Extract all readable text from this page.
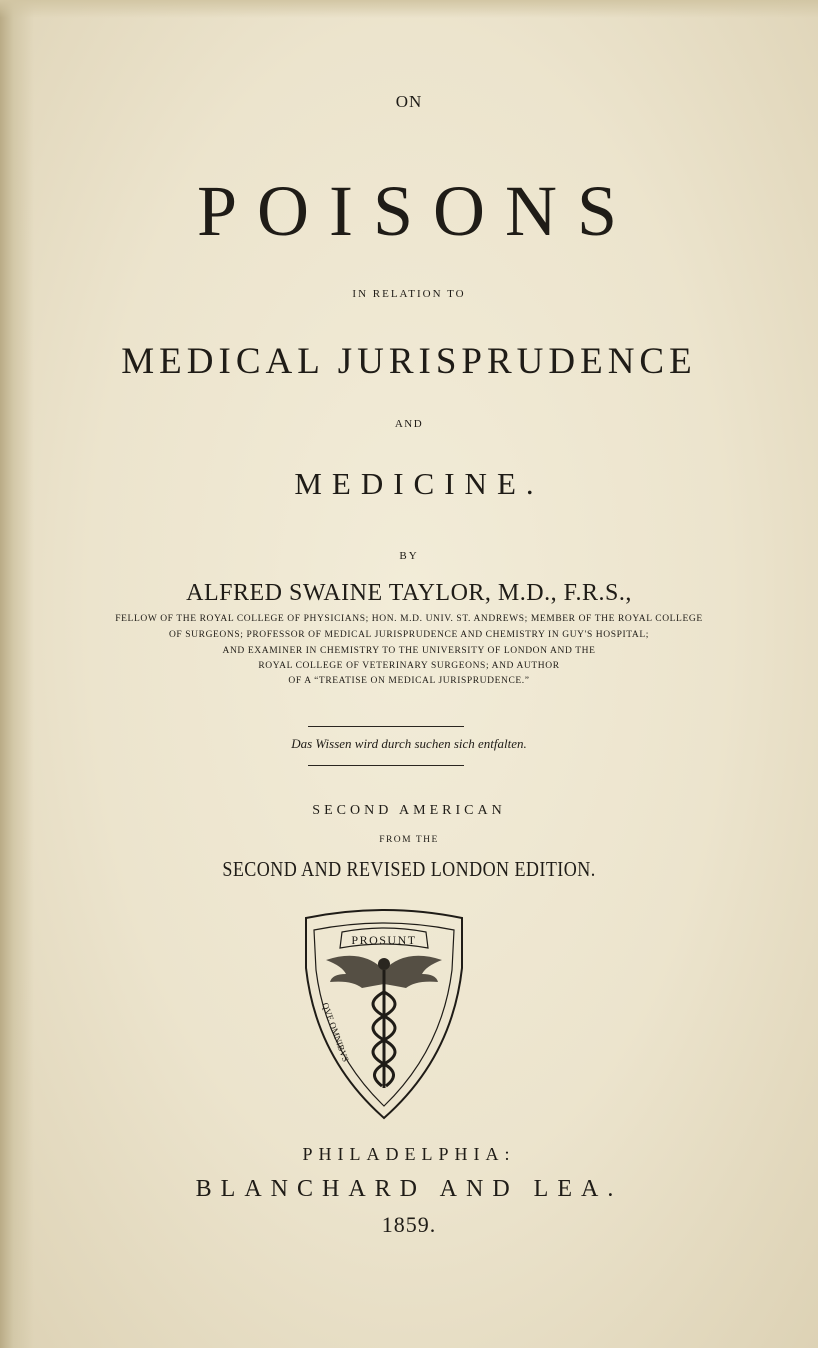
ON
POISONS
IN RELATION TO
MEDICAL JURISPRUDENCE
AND
MEDICINE.
BY
ALFRED SWAINE TAYLOR, M.D., F.R.S.,
FELLOW OF THE ROYAL COLLEGE OF PHYSICIANS; HON. M.D. UNIV. ST. ANDREWS; MEMBER OF THE ROYAL COLLEGE
OF SURGEONS; PROFESSOR OF MEDICAL JURISPRUDENCE AND CHEMISTRY IN GUY'S HOSPITAL;
AND EXAMINER IN CHEMISTRY TO THE UNIVERSITY OF LONDON AND THE
ROYAL COLLEGE OF VETERINARY SURGEONS; AND AUTHOR
OF A “TREATISE ON MEDICAL JURISPRUDENCE.”
Das Wissen wird durch suchen sich entfalten.
SECOND AMERICAN
FROM THE
SECOND AND REVISED LONDON EDITION.
PROSUNT
QVE OMNIBVS
PHILADELPHIA:
BLANCHARD AND LEA.
1859.
